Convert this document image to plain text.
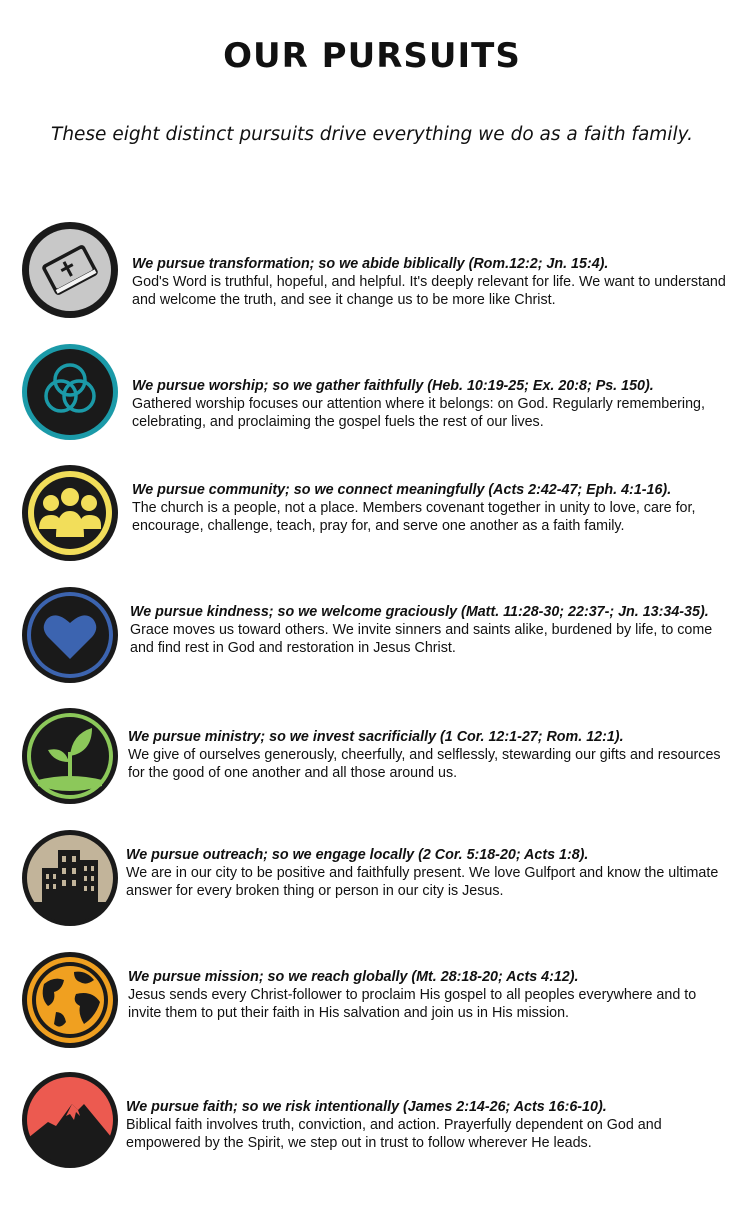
OUR PURSUITS
These eight distinct pursuits drive everything we do as a faith family.
We pursue transformation; so we abide biblically (Rom.12:2; Jn. 15:4).
God's Word is truthful, hopeful, and helpful. It's deeply relevant for life. We want to understand and welcome the truth, and see it change us to be more like Christ.
We pursue worship; so we gather faithfully (Heb. 10:19-25; Ex. 20:8; Ps. 150).
Gathered worship focuses our attention where it belongs: on God. Regularly remembering, celebrating, and proclaiming the gospel fuels the rest of our lives.
We pursue community; so we connect meaningfully (Acts 2:42-47; Eph. 4:1-16).
The church is a people, not a place. Members covenant together in unity to love, care for, encourage, challenge, teach, pray for, and serve one another as a faith family.
We pursue kindness; so we welcome graciously (Matt. 11:28-30; 22:37-; Jn. 13:34-35).
Grace moves us toward others. We invite sinners and saints alike, burdened by life, to come and find rest in God and restoration in Jesus Christ.
We pursue ministry; so we invest sacrificially (1 Cor. 12:1-27; Rom. 12:1).
We give of ourselves generously, cheerfully, and selflessly, stewarding our gifts and resources for the good of one another and all those around us.
We pursue outreach; so we engage locally (2 Cor. 5:18-20; Acts 1:8).
We are in our city to be positive and faithfully present. We love Gulfport and know the ultimate answer for every broken thing or person in our city is Jesus.
We pursue mission; so we reach globally (Mt. 28:18-20; Acts 4:12).
Jesus sends every Christ-follower to proclaim His gospel to all peoples everywhere and to invite them to put their faith in His salvation and join us in His mission.
We pursue faith; so we risk intentionally (James 2:14-26; Acts 16:6-10).
Biblical faith involves truth, conviction, and action. Prayerfully dependent on God and empowered by the Spirit, we step out in trust to follow wherever He leads.
